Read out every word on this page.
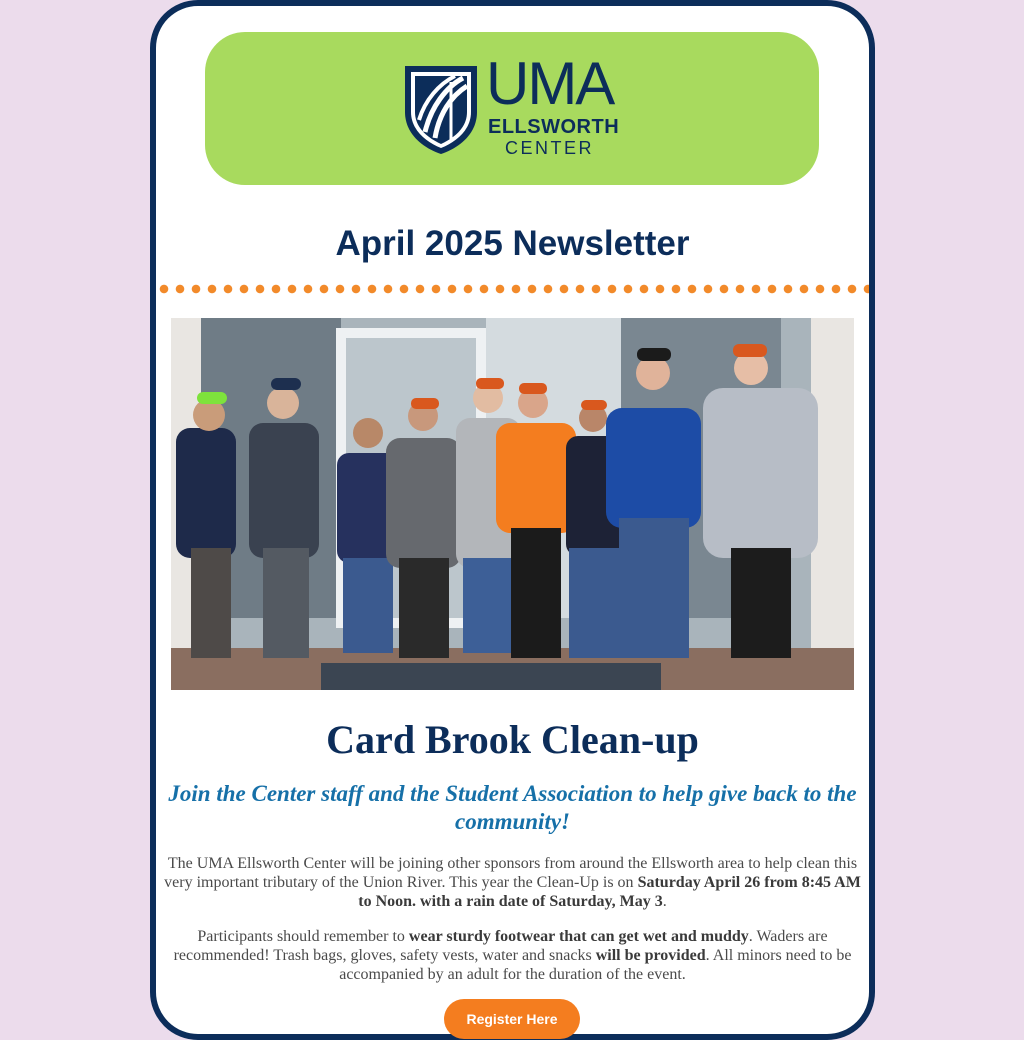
UMA
ELLSWORTH
CENTER
April 2025 Newsletter
Card Brook Clean-up

Join the Center staff and the Student Association to help give back to the community!

The UMA Ellsworth Center will be joining other sponsors from around the Ellsworth area to help clean this very important tributary of the Union River. This year the Clean-Up is on Saturday April 26 from 8:45 AM to Noon. with a rain date of Saturday, May 3.

Participants should remember to wear sturdy footwear that can get wet and muddy. Waders are recommended! Trash bags, gloves, safety vests, water and snacks will be provided. All minors need to be accompanied by an adult for the duration of the event.

Register Here
